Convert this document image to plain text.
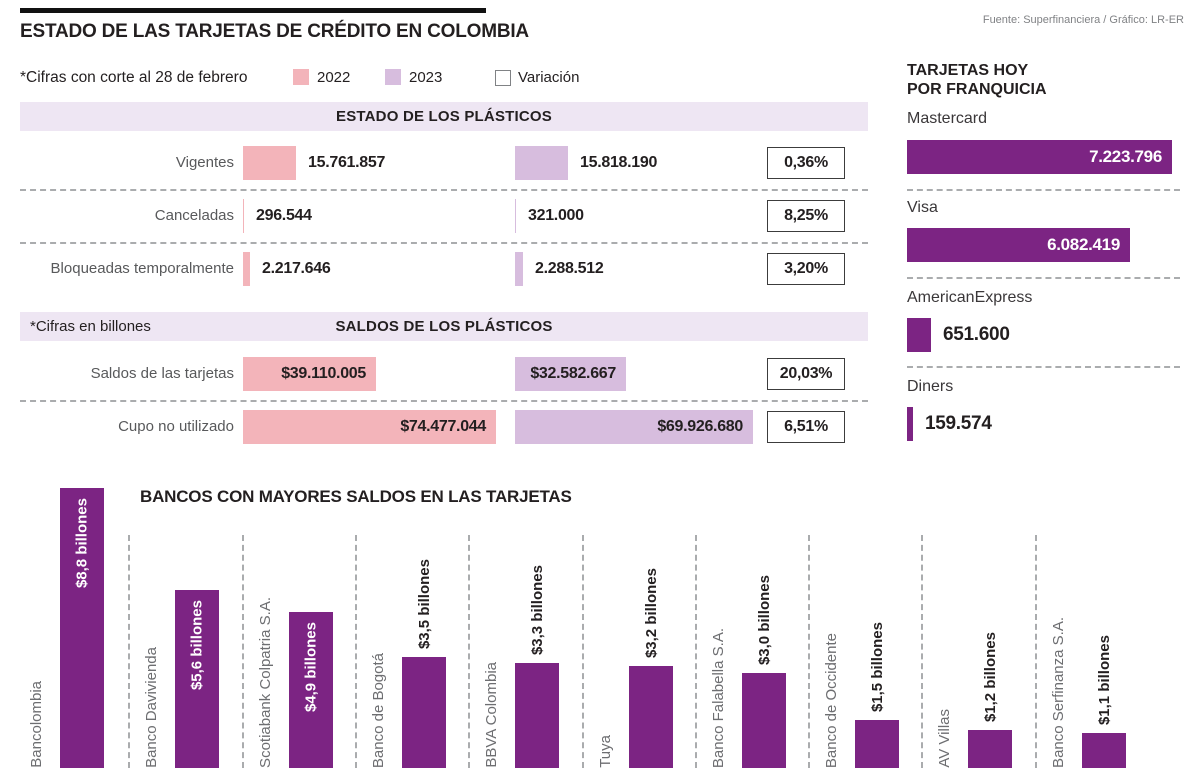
ESTADO DE LAS TARJETAS DE CRÉDITO EN COLOMBIA
Fuente: Superfinanciera / Gráfico: LR-ER
*Cifras con corte al 28 de febrero	2022	2023	Variación
ESTADO DE LOS PLÁSTICOS
Vigentes	15.761.857	15.818.190	0,36%
Canceladas 296.544	321.000	8,25%
Bloqueadas temporalmente 2.217.646	2.288.512	3,20%
*Cifras en billones	SALDOS DE LOS PLÁSTICOS
Saldos de las tarjetas	$39.110.005	$32.582.667	20,03%
Cupo no utilizado	$74.477.044	$69.926.680	6,51%
TARJETAS HOY
POR FRANQUICIA
Mastercard
7.223.796
Visa
6.082.419
AmericanExpress
651.600
Diners
159.574
BANCOS CON MAYORES SALDOS EN LAS TARJETAS
Bancolombia
$8,8 billones
Banco Davivienda
$5,6 billones	Scotiabank Colpatria S.A. $4,9 billones	Banco de Bogotá
$3,5 billones
BBVA Colombia
$3,3 billones
Tuya
$3,2 billones
Banco Falabella S.A.
$3,0 billones
Banco de Occidente $1,5 billones
AV Villas
$1,2 billones	Banco Serfinanza S.A. $1,1 billones
